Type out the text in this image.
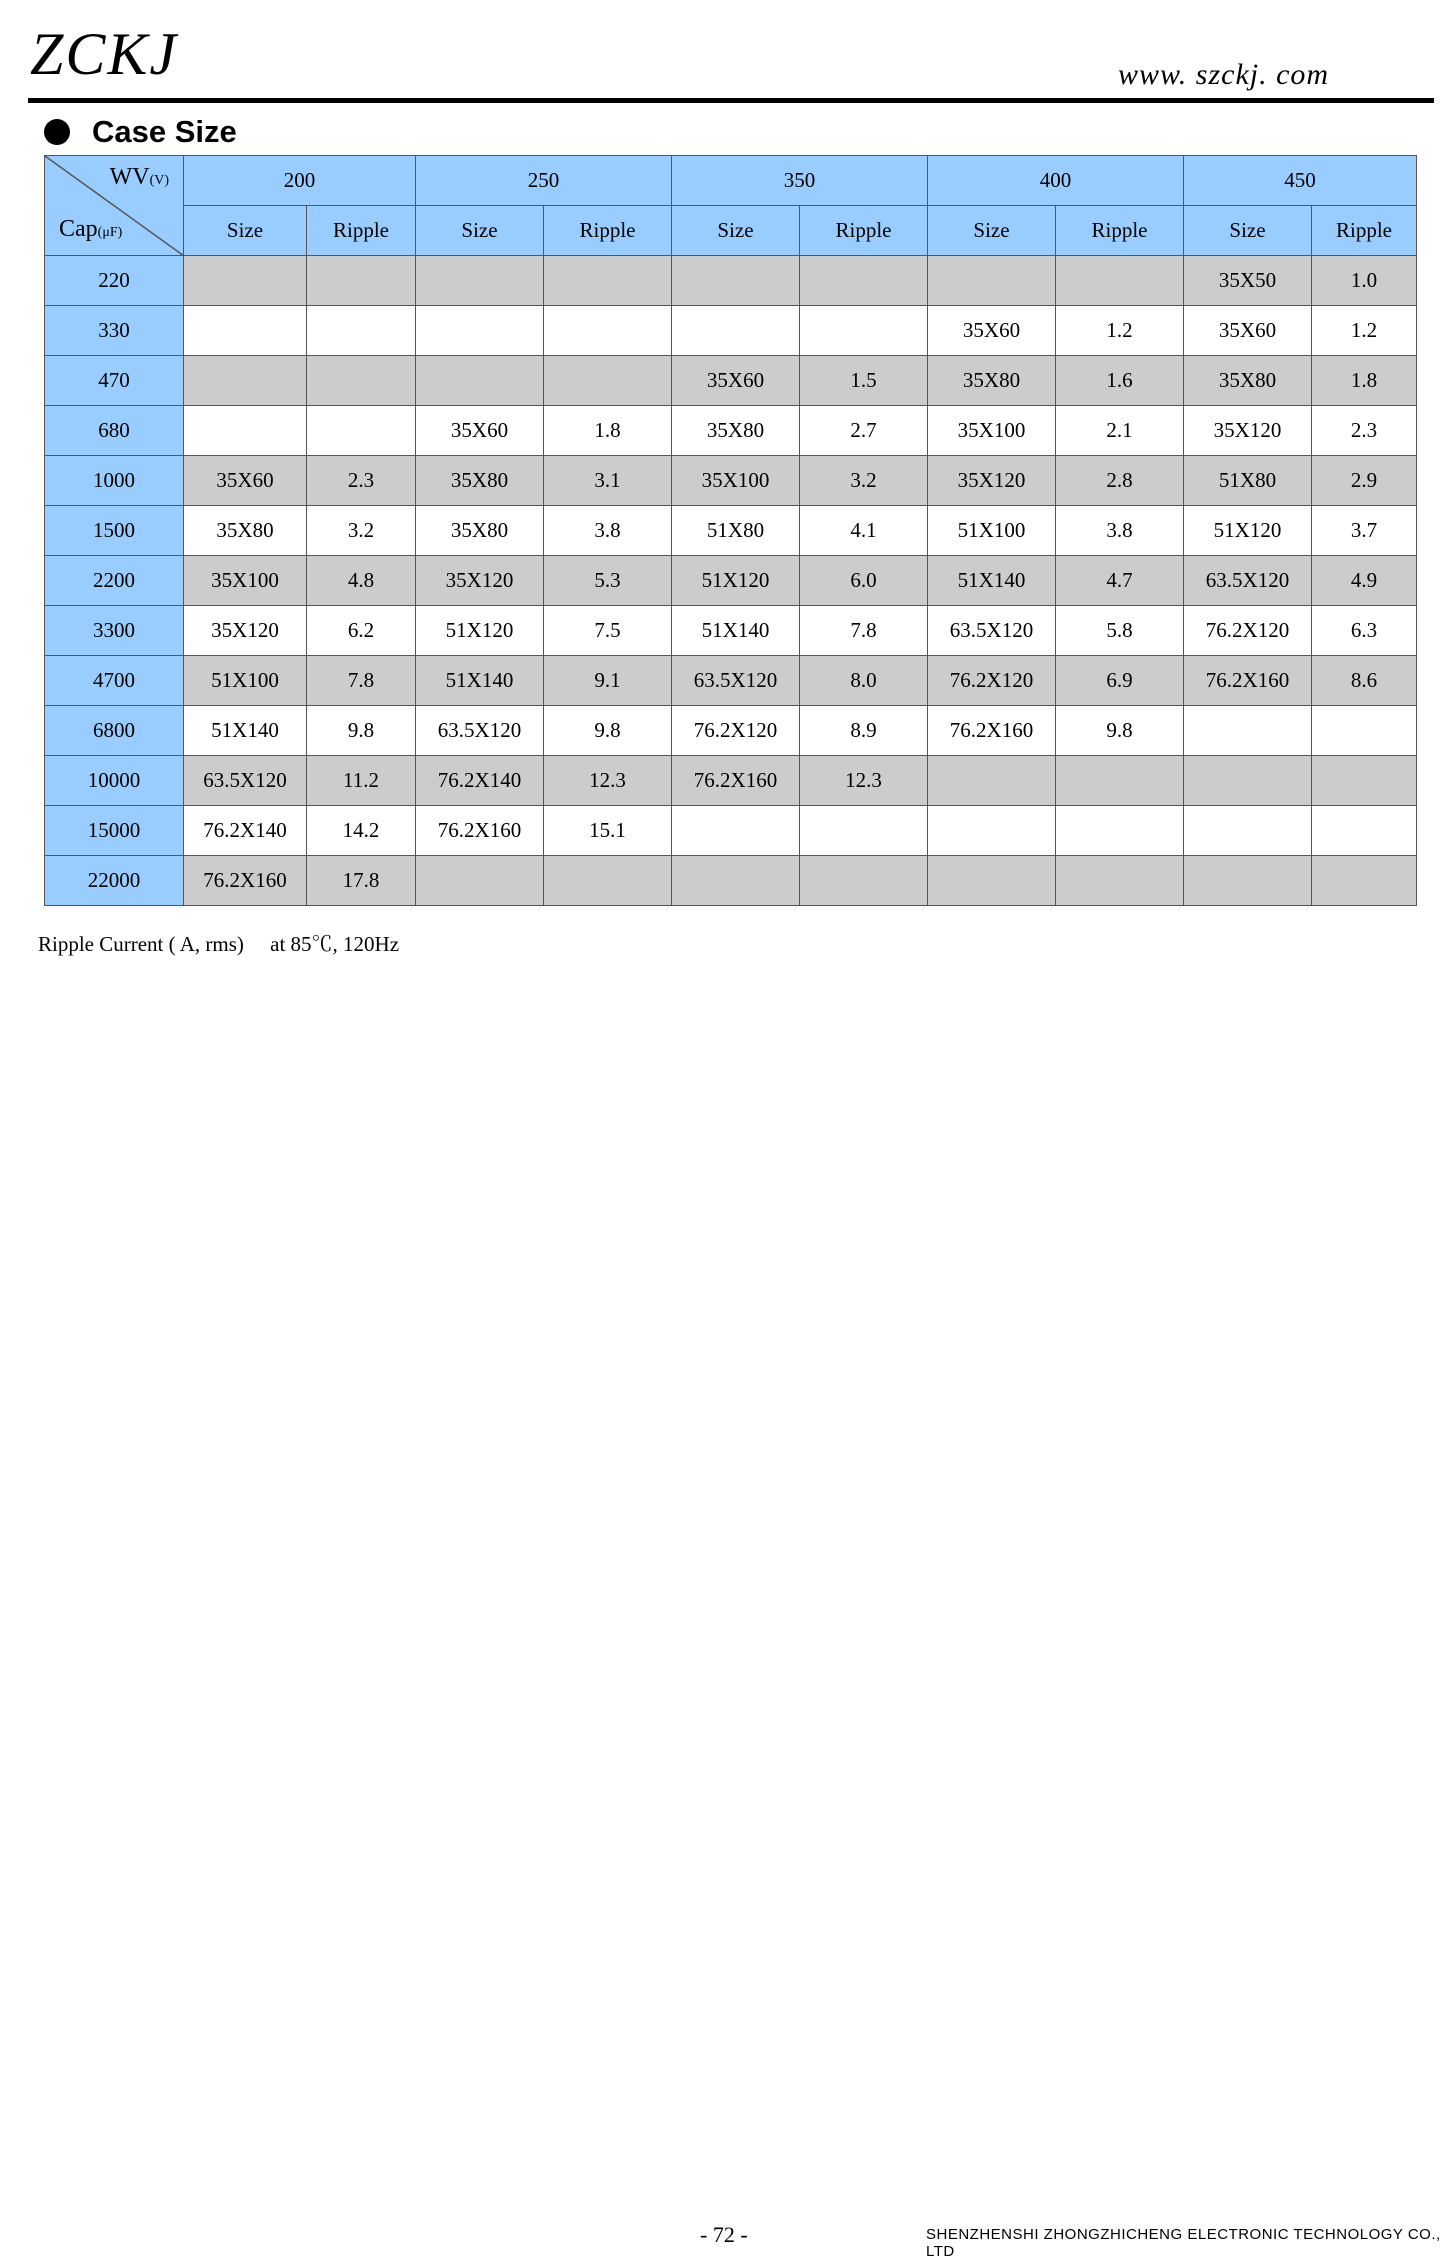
ZCKJ	www. szckj. com
Case Size
WV(V)
Cap(μF)	200		250		350		400		450	
	Size	Ripple	Size	Ripple	Size	Ripple	Size	Ripple	Size	Ripple
220									35X50	1.0
330							35X60	1.2	35X60	1.2
470					35X60	1.5	35X80	1.6	35X80	1.8
680			35X60	1.8	35X80	2.7	35X100	2.1	35X120	2.3
1000	35X60	2.3	35X80	3.1	35X100	3.2	35X120	2.8	51X80	2.9
1500	35X80	3.2	35X80	3.8	51X80	4.1	51X100	3.8	51X120	3.7
2200	35X100	4.8	35X120	5.3	51X120	6.0	51X140	4.7	63.5X120	4.9
3300	35X120	6.2	51X120	7.5	51X140	7.8	63.5X120	5.8	76.2X120	6.3
4700	51X100	7.8	51X140	9.1	63.5X120	8.0	76.2X120	6.9	76.2X160	8.6
6800	51X140	9.8	63.5X120	9.8	76.2X120	8.9	76.2X160	9.8		
10000	63.5X120	11.2	76.2X140	12.3	76.2X160	12.3				
15000	76.2X140	14.2	76.2X160	15.1						
22000	76.2X160	17.8								
Ripple Current ( A, rms)　 at 85℃, 120Hz
- 72 -	SHENZHENSHI ZHONGZHICHENG ELECTRONIC TECHNOLOGY CO., LTD
